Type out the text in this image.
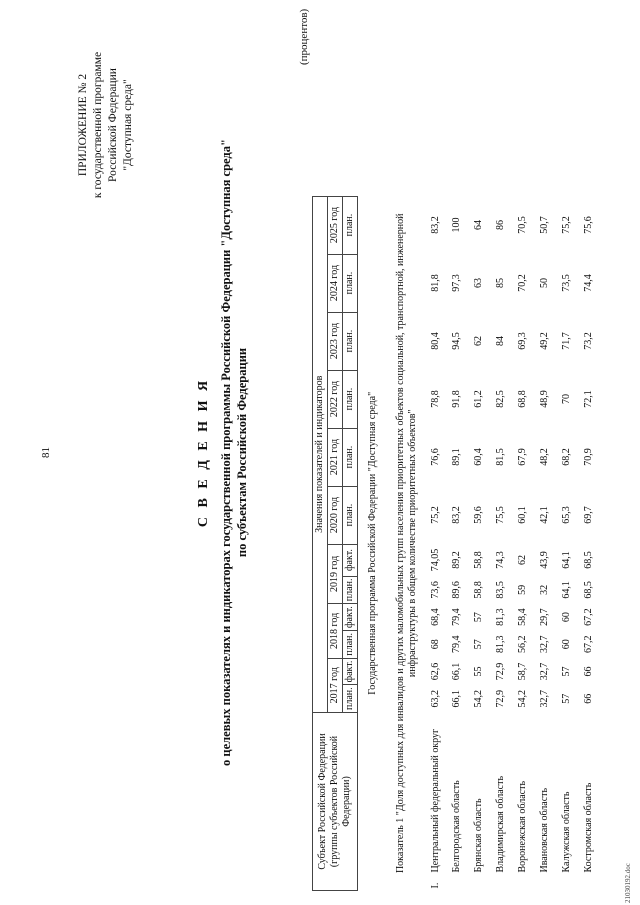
81
ПРИЛОЖЕНИЕ № 2 к государственной программе Российской Федерации "Доступная среда"
С В Е Д Е Н И Я о целевых показателях и индикаторах государственной программы Российской Федерации "Доступная среда" по субъектам Российской Федерации
(процентов)
Субъект Российской Федерации (группы субъектов Российской Федерации)	Значения показателей и индикаторов											
	2017 год		2018 год		2019 год		2020 год	2021 год	2022 год	2023 год	2024 год	2025 год
	план.	факт.	план.	факт.	план.	факт.	план.	план.	план.	план.	план.	план.
Государственная программа Российской Федерации "Доступная среда"												
Показатель 1 "Доля доступных для инвалидов и других маломобильных групп населения приоритетных объектов социальной, транспортной, инженерной инфраструктуры в общем количестве приоритетных объектов"												
I.Центральный федеральный округ	63,2	62,6	68	68,4	73,6	74,05	75,2	76,6	78,8	80,4	81,8	83,2
Белгородская область	66,1	66,1	79,4	79,4	89,6	89,2	83,2	89,1	91,8	94,5	97,3	100
Брянская область	54,2	55	57	57	58,8	58,8	59,6	60,4	61,2	62	63	64
Владимирская область	72,9	72,9	81,3	81,3	83,5	74,3	75,5	81,5	82,5	84	85	86
Воронежская область	54,2	58,7	56,2	58,4	59	62	60,1	67,9	68,8	69,3	70,2	70,5
Ивановская область	32,7	32,7	32,7	29,7	32	43,9	42,1	48,2	48,9	49,2	50	50,7
Калужская область	57	57	60	60	64,1	64,1	65,3	68,2	70	71,7	73,5	75,2
Костромская область	66	66	67,2	67,2	68,5	68,5	69,7	70,9	72,1	73,2	74,4	75,6
21030192.doc
